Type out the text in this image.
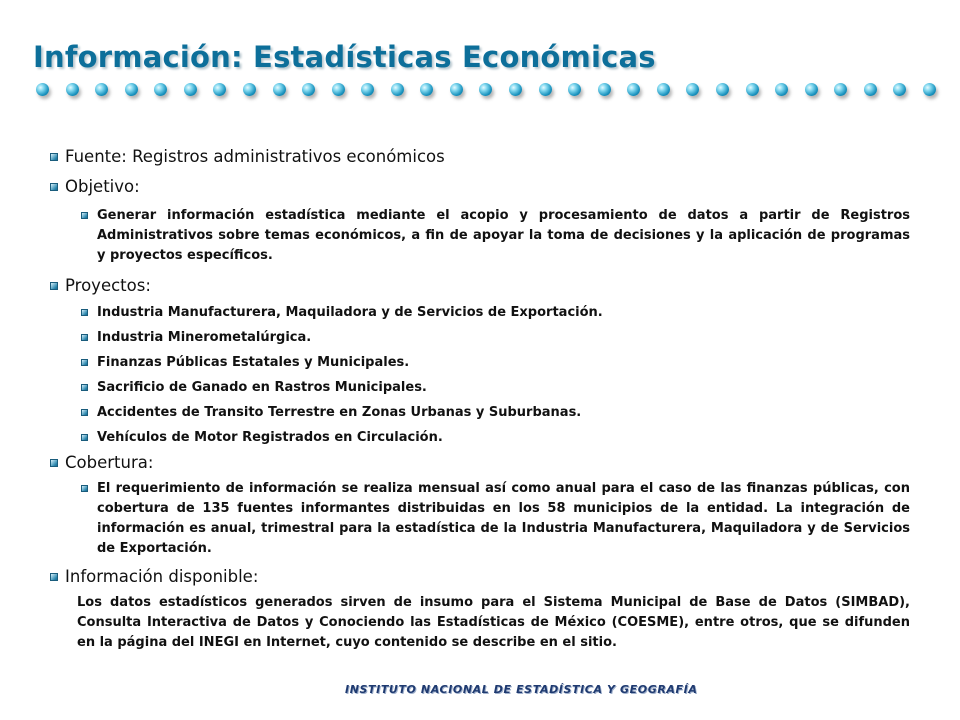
Información: Estadísticas Económicas
Fuente: Registros administrativos económicos
Objetivo:
Generar información estadística mediante el acopio y procesamiento de datos a partir de Registros Administrativos sobre temas económicos, a fin de apoyar la toma de decisiones y la aplicación de programas y proyectos específicos.
Proyectos:
Industria Manufacturera, Maquiladora y de Servicios de Exportación.
Industria Minerometalúrgica.
Finanzas Públicas Estatales y Municipales.
Sacrificio de Ganado en Rastros Municipales.
Accidentes de Transito Terrestre en Zonas Urbanas y Suburbanas.
Vehículos de Motor Registrados en Circulación.
Cobertura:
El requerimiento de información se realiza mensual así como anual para el caso de las finanzas públicas, con cobertura de 135 fuentes informantes distribuidas en los 58 municipios de la entidad. La integración de información es anual, trimestral para la estadística de la Industria Manufacturera, Maquiladora y de Servicios de Exportación.
Información disponible:
Los datos estadísticos generados sirven de insumo para el Sistema Municipal de Base de Datos (SIMBAD), Consulta Interactiva de Datos y Conociendo las Estadísticas de México (COESME), entre otros, que se difunden en la página del INEGI en Internet, cuyo contenido se describe en el sitio.
INSTITUTO NACIONAL DE ESTADÍSTICA Y GEOGRAFÍA
